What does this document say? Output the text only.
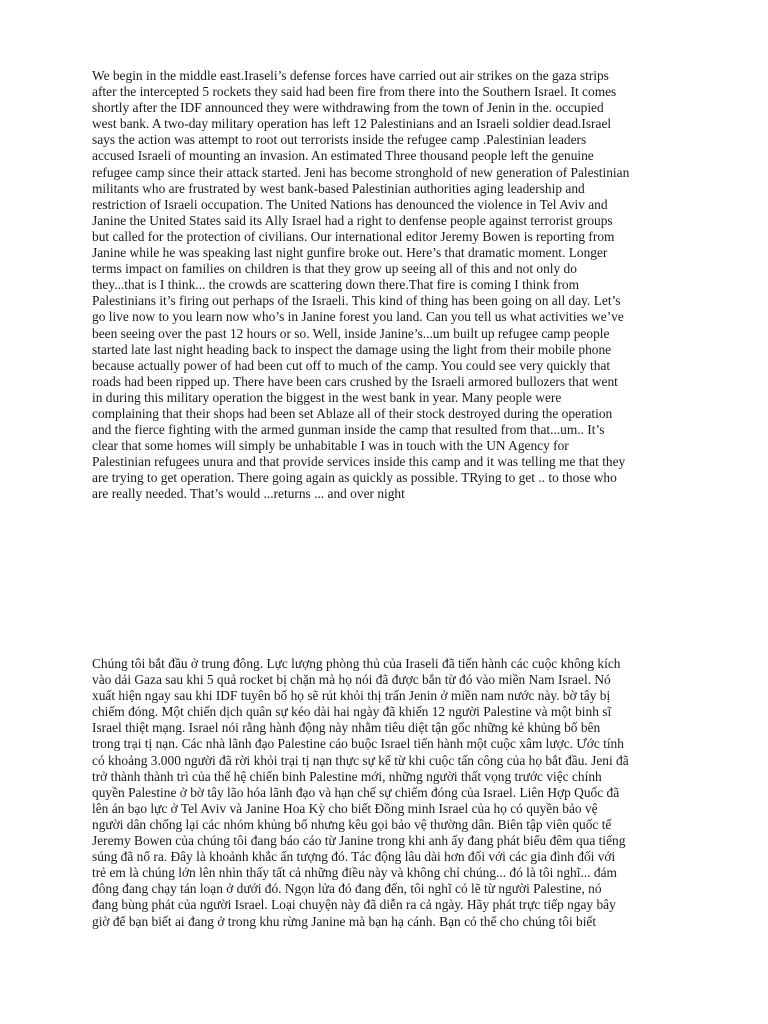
We begin in the middle east.Iraseli’s defense forces have carried out air strikes on the gaza strips
after the intercepted 5 rockets they said had been fire from there into the Southern Israel. It comes
shortly after the IDF announced they were withdrawing from the town of Jenin in the. occupied
west bank. A two-day military operation has left 12 Palestinians and an Israeli soldier dead.Israel
says the action was attempt to root out terrorists inside the refugee camp .Palestinian leaders
accused Israeli of mounting an invasion. An estimated Three thousand people left the genuine
refugee camp since their attack started. Jeni has become stronghold of new generation of Palestinian
militants who are frustrated by west bank-based Palestinian authorities aging leadership and
restriction of Israeli occupation. The United Nations has denounced the violence in Tel Aviv and
Janine the United States said its Ally Israel had a right to denfense people against terrorist groups
but called for the protection of civilians. Our international editor Jeremy Bowen is reporting from
Janine while he was speaking last night gunfire broke out. Here’s that dramatic moment. Longer
terms impact on families on children is that they grow up seeing all of this and not only do
they...that is I think... the crowds are scattering down there.That fire is coming I think from
Palestinians it’s firing out perhaps of the Israeli. This kind of thing has been going on all day. Let’s
go live now to you learn now who’s in Janine forest you land. Can you tell us what activities we’ve
been seeing over the past 12 hours or so. Well, inside Janine’s...um built up refugee camp people
started late last night heading back to inspect the damage using the light from their mobile phone
because actually power of had been cut off to much of the camp. You could see very quickly that
roads had been ripped up. There have been cars crushed by the Israeli armored bullozers that went
in during this military operation the biggest in the west bank in year. Many people were
complaining that their shops had been set Ablaze all of their stock destroyed during the operation
and the fierce fighting with the armed gunman inside the camp that resulted from that...um.. It’s
clear that some homes will simply be unhabitable I was in touch with the UN Agency for
Palestinian refugees unura and that provide services inside this camp and it was telling me that they
are trying to get operation. There going again as quickly as possible. TRying to get .. to those who
are really needed. That’s would ...returns ... and over night
Chúng tôi bắt đầu ở trung đông. Lực lượng phòng thủ của Iraseli đã tiến hành các cuộc không kích
vào dải Gaza sau khi 5 quả rocket bị chặn mà họ nói đã được bắn từ đó vào miền Nam Israel. Nó
xuất hiện ngay sau khi IDF tuyên bố họ sẽ rút khỏi thị trấn Jenin ở miền nam nước này. bờ tây bị
chiếm đóng. Một chiến dịch quân sự kéo dài hai ngày đã khiến 12 người Palestine và một binh sĩ
Israel thiệt mạng. Israel nói rằng hành động này nhằm tiêu diệt tận gốc những kẻ khủng bố bên
trong trại tị nạn. Các nhà lãnh đạo Palestine cáo buộc Israel tiến hành một cuộc xâm lược. Ước tính
có khoảng 3.000 người đã rời khỏi trại tị nạn thực sự kể từ khi cuộc tấn công của họ bắt đầu. Jeni đã
trở thành thành trì của thế hệ chiến binh Palestine mới, những người thất vọng trước việc chính
quyền Palestine ở bờ tây lão hóa lãnh đạo và hạn chế sự chiếm đóng của Israel. Liên Hợp Quốc đã
lên án bạo lực ở Tel Aviv và Janine Hoa Kỳ cho biết Đồng minh Israel của họ có quyền bảo vệ
người dân chống lại các nhóm khủng bố nhưng kêu gọi bảo vệ thường dân. Biên tập viên quốc tế
Jeremy Bowen của chúng tôi đang báo cáo từ Janine trong khi anh ấy đang phát biểu đêm qua tiếng
súng đã nổ ra. Đây là khoảnh khắc ấn tượng đó. Tác động lâu dài hơn đối với các gia đình đối với
trẻ em là chúng lớn lên nhìn thấy tất cả những điều này và không chỉ chúng... đó là tôi nghĩ... đám
đông đang chạy tán loạn ở dưới đó. Ngọn lửa đó đang đến, tôi nghĩ có lẽ từ người Palestine, nó
đang bùng phát của người Israel. Loại chuyện này đã diễn ra cả ngày. Hãy phát trực tiếp ngay bây
giờ để bạn biết ai đang ở trong khu rừng Janine mà bạn hạ cánh. Bạn có thể cho chúng tôi biết
